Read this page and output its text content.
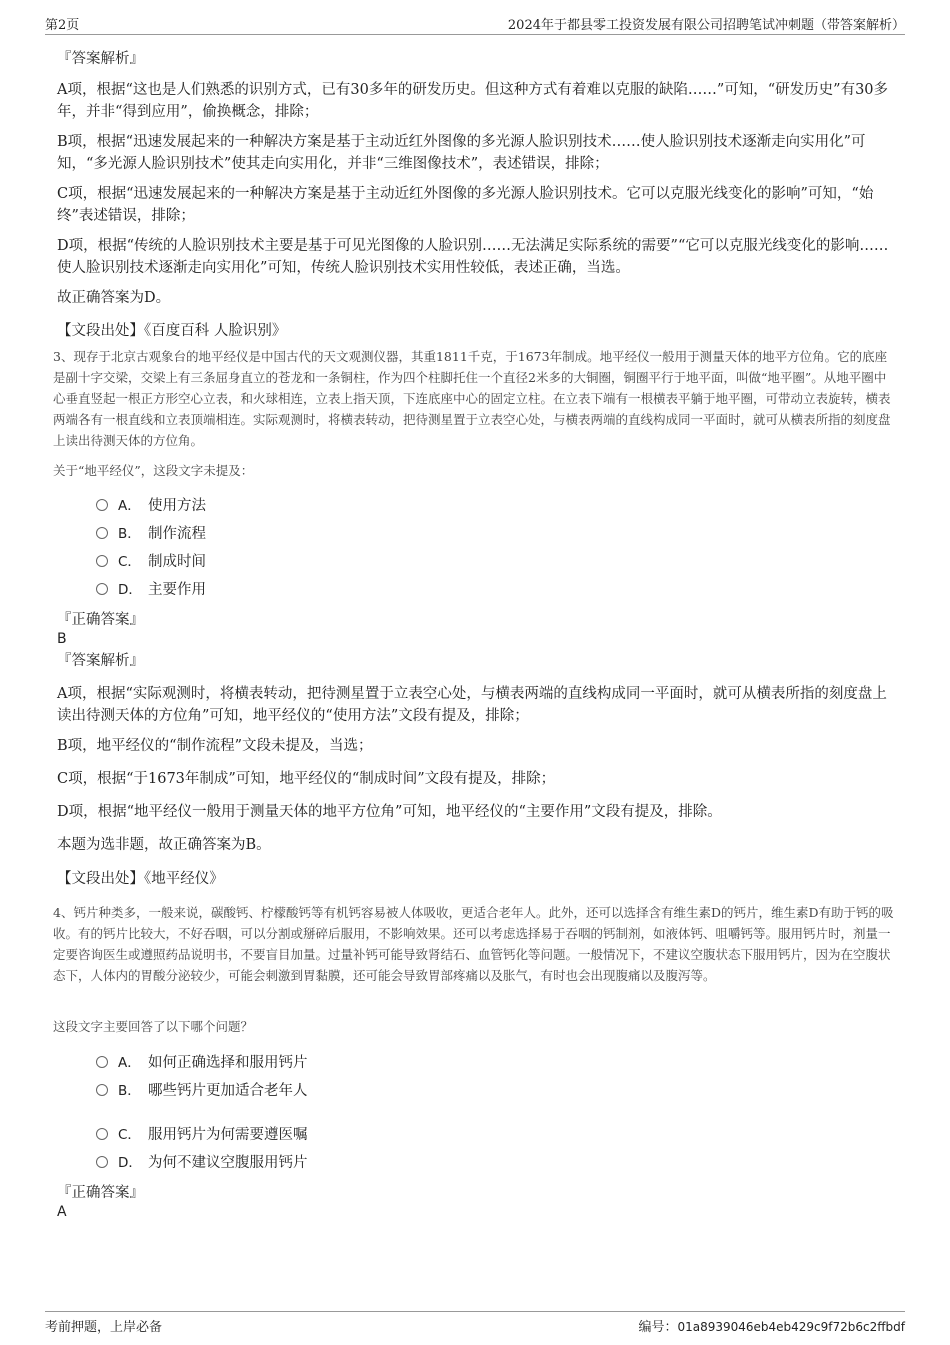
第2页	2024年于都县零工投资发展有限公司招聘笔试冲刺题（带答案解析）
『答案解析』
A项，根据“这也是人们熟悉的识别方式，已有30多年的研发历史。但这种方式有着难以克服的缺陷……”可知，“研发历史”有30多年，并非“得到应用”，偷换概念，排除；
B项，根据“迅速发展起来的一种解决方案是基于主动近红外图像的多光源人脸识别技术……使人脸识别技术逐渐走向实用化”可知，“多光源人脸识别技术”使其走向实用化，并非“三维图像技术”，表述错误，排除；
C项，根据“迅速发展起来的一种解决方案是基于主动近红外图像的多光源人脸识别技术。它可以克服光线变化的影响”可知，“始终”表述错误，排除；
D项，根据“传统的人脸识别技术主要是基于可见光图像的人脸识别……无法满足实际系统的需要”“它可以克服光线变化的影响……使人脸识别技术逐渐走向实用化”可知，传统人脸识别技术实用性较低，表述正确，当选。
故正确答案为D。
【文段出处】《百度百科 人脸识别》
3、现存于北京古观象台的地平经仪是中国古代的天文观测仪器，其重1811千克，于1673年制成。地平经仪一般用于测量天体的地平方位角。它的底座是副十字交梁，交梁上有三条屈身直立的苍龙和一条铜柱，作为四个柱脚托住一个直径2米多的大铜圈，铜圈平行于地平面，叫做“地平圈”。从地平圈中心垂直竖起一根正方形空心立表，和火球相连，立表上指天顶，下连底座中心的固定立柱。在立表下端有一根横表平躺于地平圈，可带动立表旋转，横表两端各有一根直线和立表顶端相连。实际观测时，将横表转动，把待测星置于立表空心处，与横表两端的直线构成同一平面时，就可从横表所指的刻度盘上读出待测天体的方位角。
关于“地平经仪”，这段文字未提及：
A． 使用方法
B． 制作流程
C． 制成时间
D． 主要作用
『正确答案』
B
『答案解析』
A项，根据“实际观测时，将横表转动，把待测星置于立表空心处，与横表两端的直线构成同一平面时，就可从横表所指的刻度盘上读出待测天体的方位角”可知，地平经仪的“使用方法”文段有提及，排除；
B项，地平经仪的“制作流程”文段未提及，当选；
C项，根据“于1673年制成”可知，地平经仪的“制成时间”文段有提及，排除；
D项，根据“地平经仪一般用于测量天体的地平方位角”可知，地平经仪的“主要作用”文段有提及，排除。
本题为选非题，故正确答案为B。
【文段出处】《地平经仪》
4、钙片种类多，一般来说，碳酸钙、柠檬酸钙等有机钙容易被人体吸收，更适合老年人。此外，还可以选择含有维生素D的钙片，维生素D有助于钙的吸收。有的钙片比较大，不好吞咽，可以分割或掰碎后服用，不影响效果。还可以考虑选择易于吞咽的钙制剂，如液体钙、咀嚼钙等。服用钙片时，剂量一定要咨询医生或遵照药品说明书，不要盲目加量。过量补钙可能导致肾结石、血管钙化等问题。一般情况下，不建议空腹状态下服用钙片，因为在空腹状态下，人体内的胃酸分泌较少，可能会刺激到胃黏膜，还可能会导致胃部疼痛以及胀气，有时也会出现腹痛以及腹泻等。
这段文字主要回答了以下哪个问题？
A． 如何正确选择和服用钙片
B． 哪些钙片更加适合老年人
C． 服用钙片为何需要遵医嘱
D． 为何不建议空腹服用钙片
『正确答案』
A
考前押题，上岸必备	编号：01a8939046eb4eb429c9f72b6c2ffbdf
